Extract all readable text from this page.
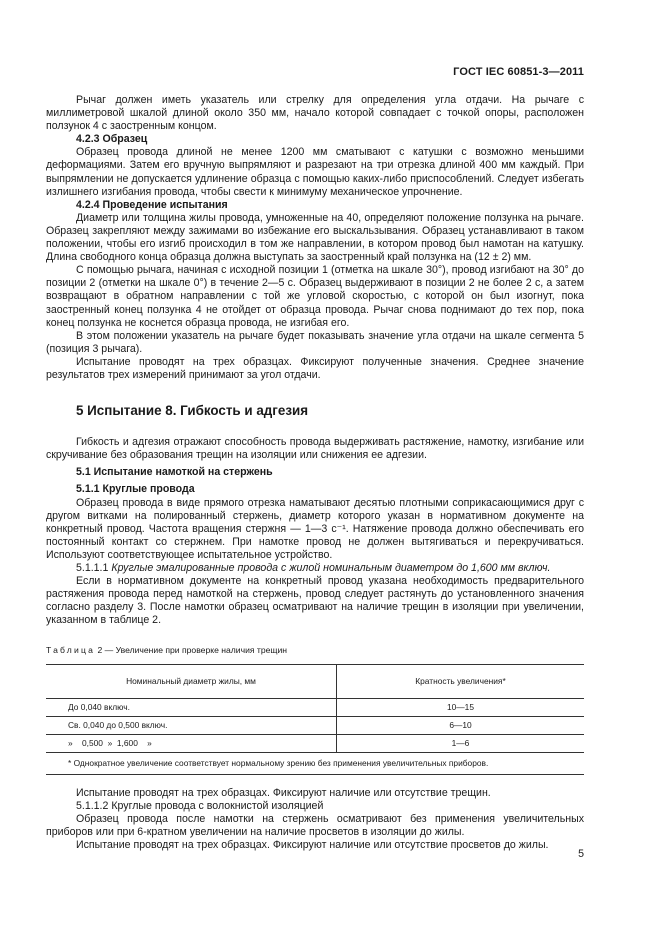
ГОСТ IEC 60851-3—2011

Рычаг должен иметь указатель или стрелку для определения угла отдачи. На рычаге с миллиметровой шкалой длиной около 350 мм, начало которой совпадает с точкой опоры, расположен ползунок 4 с заостренным концом.

4.2.3 Образец

Образец провода длиной не менее 1200 мм сматывают с катушки с возможно меньшими деформациями. Затем его вручную выпрямляют и разрезают на три отрезка длиной 400 мм каждый. При выпрямлении не допускается удлинение образца с помощью каких-либо приспособлений. Следует избегать излишнего изгибания провода, чтобы свести к минимуму механическое упрочнение.

4.2.4 Проведение испытания

Диаметр или толщина жилы провода, умноженные на 40, определяют положение ползунка на рычаге. Образец закрепляют между зажимами во избежание его выскальзывания. Образец устанавливают в таком положении, чтобы его изгиб происходил в том же направлении, в котором провод был намотан на катушку. Длина свободного конца образца должна выступать за заостренный край ползунка на (12 ± 2) мм.

С помощью рычага, начиная с исходной позиции 1 (отметка на шкале 30°), провод изгибают на 30° до позиции 2 (отметки на шкале 0°) в течение 2—5 с. Образец выдерживают в позиции 2 не более 2 с, а затем возвращают в обратном направлении с той же угловой скоростью, с которой он был изогнут, пока заостренный конец ползунка 4 не отойдет от образца провода. Рычаг снова поднимают до тех пор, пока конец ползунка не коснется образца провода, не изгибая его.

В этом положении указатель на рычаге будет показывать значение угла отдачи на шкале сегмента 5 (позиция 3 рычага).

Испытание проводят на трех образцах. Фиксируют полученные значения. Среднее значение результатов трех измерений принимают за угол отдачи.

5 Испытание 8. Гибкость и адгезия

Гибкость и адгезия отражают способность провода выдерживать растяжение, намотку, изгибание или скручивание без образования трещин на изоляции или снижения ее адгезии.

5.1 Испытание намоткой на стержень

5.1.1 Круглые провода

Образец провода в виде прямого отрезка наматывают десятью плотными соприкасающимися друг с другом витками на полированный стержень, диаметр которого указан в нормативном документе на конкретный провод. Частота вращения стержня — 1—3 с⁻¹. Натяжение провода должно обеспечивать его постоянный контакт со стержнем. При намотке провод не должен вытягиваться и перекручиваться. Используют соответствующее испытательное устройство.

5.1.1.1 Круглые эмалированные провода с жилой номинальным диаметром до 1,600 мм включ.

Если в нормативном документе на конкретный провод указана необходимость предварительного растяжения провода перед намоткой на стержень, провод следует растянуть до установленного значения согласно разделу 3. После намотки образец осматривают на наличие трещин в изоляции при увеличении, указанном в таблице 2.

Таблица 2 — Увеличение при проверке наличия трещин

Номинальный диаметр жилы, мм	Кратность увеличения*
До 0,040 включ.	10—15
Св. 0,040 до 0,500 включ.	6—10
»    0,500  »  1,600    »	1—6
* Однократное увеличение соответствует нормальному зрению без применения увеличительных приборов.	

Испытание проводят на трех образцах. Фиксируют наличие или отсутствие трещин.

5.1.1.2 Круглые провода с волокнистой изоляцией

Образец провода после намотки на стержень осматривают без применения увеличительных приборов или при 6-кратном увеличении на наличие просветов в изоляции до жилы.

Испытание проводят на трех образцах. Фиксируют наличие или отсутствие просветов до жилы.

5
